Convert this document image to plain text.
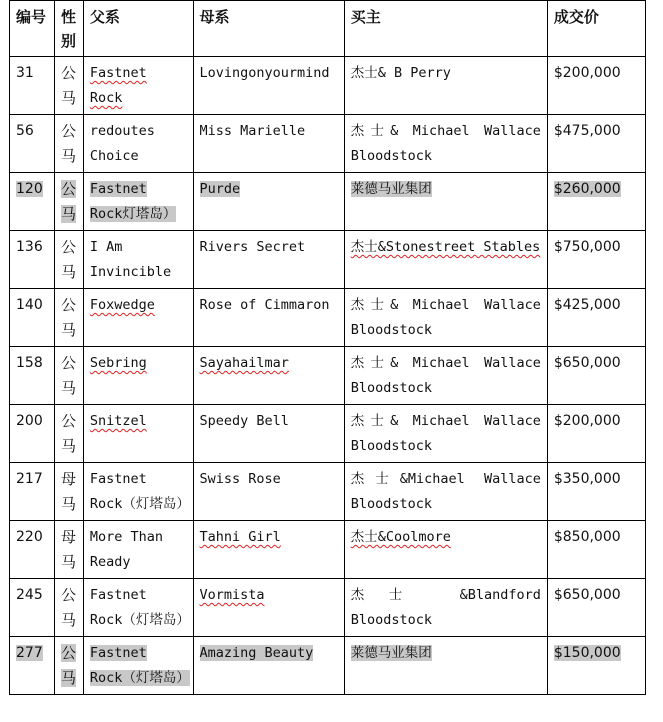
编号	性别	父系	母系	买主	成交价
31	公马	Fastnet Rock	Lovingonyourmind	杰士& B Perry	$200,000
56	公马	redoutes Choice	Miss Marielle	杰士& Michael Wallace Bloodstock	$475,000
120	公马	Fastnet Rock灯塔岛）	Purde	莱德马业集团	$260,000
136	公马	I Am Invincible	Rivers Secret	杰士&Stonestreet Stables	$750,000
140	公马	Foxwedge	Rose of Cimmaron	杰士& Michael Wallace Bloodstock	$425,000
158	公马	Sebring	Sayahailmar	杰士& Michael Wallace Bloodstock	$650,000
200	公马	Snitzel	Speedy Bell	杰士& Michael Wallace Bloodstock	$200,000
217	母马	Fastnet Rock（灯塔岛）	Swiss Rose	杰士&Michael Wallace Bloodstock	$350,000
220	母马	More Than Ready	Tahni Girl	杰士&Coolmore	$850,000
245	公马	Fastnet Rock（灯塔岛）	Vormista	杰士 &Blandford Bloodstock	$650,000
277	公马	Fastnet Rock（灯塔岛）	Amazing Beauty	莱德马业集团	$150,000
